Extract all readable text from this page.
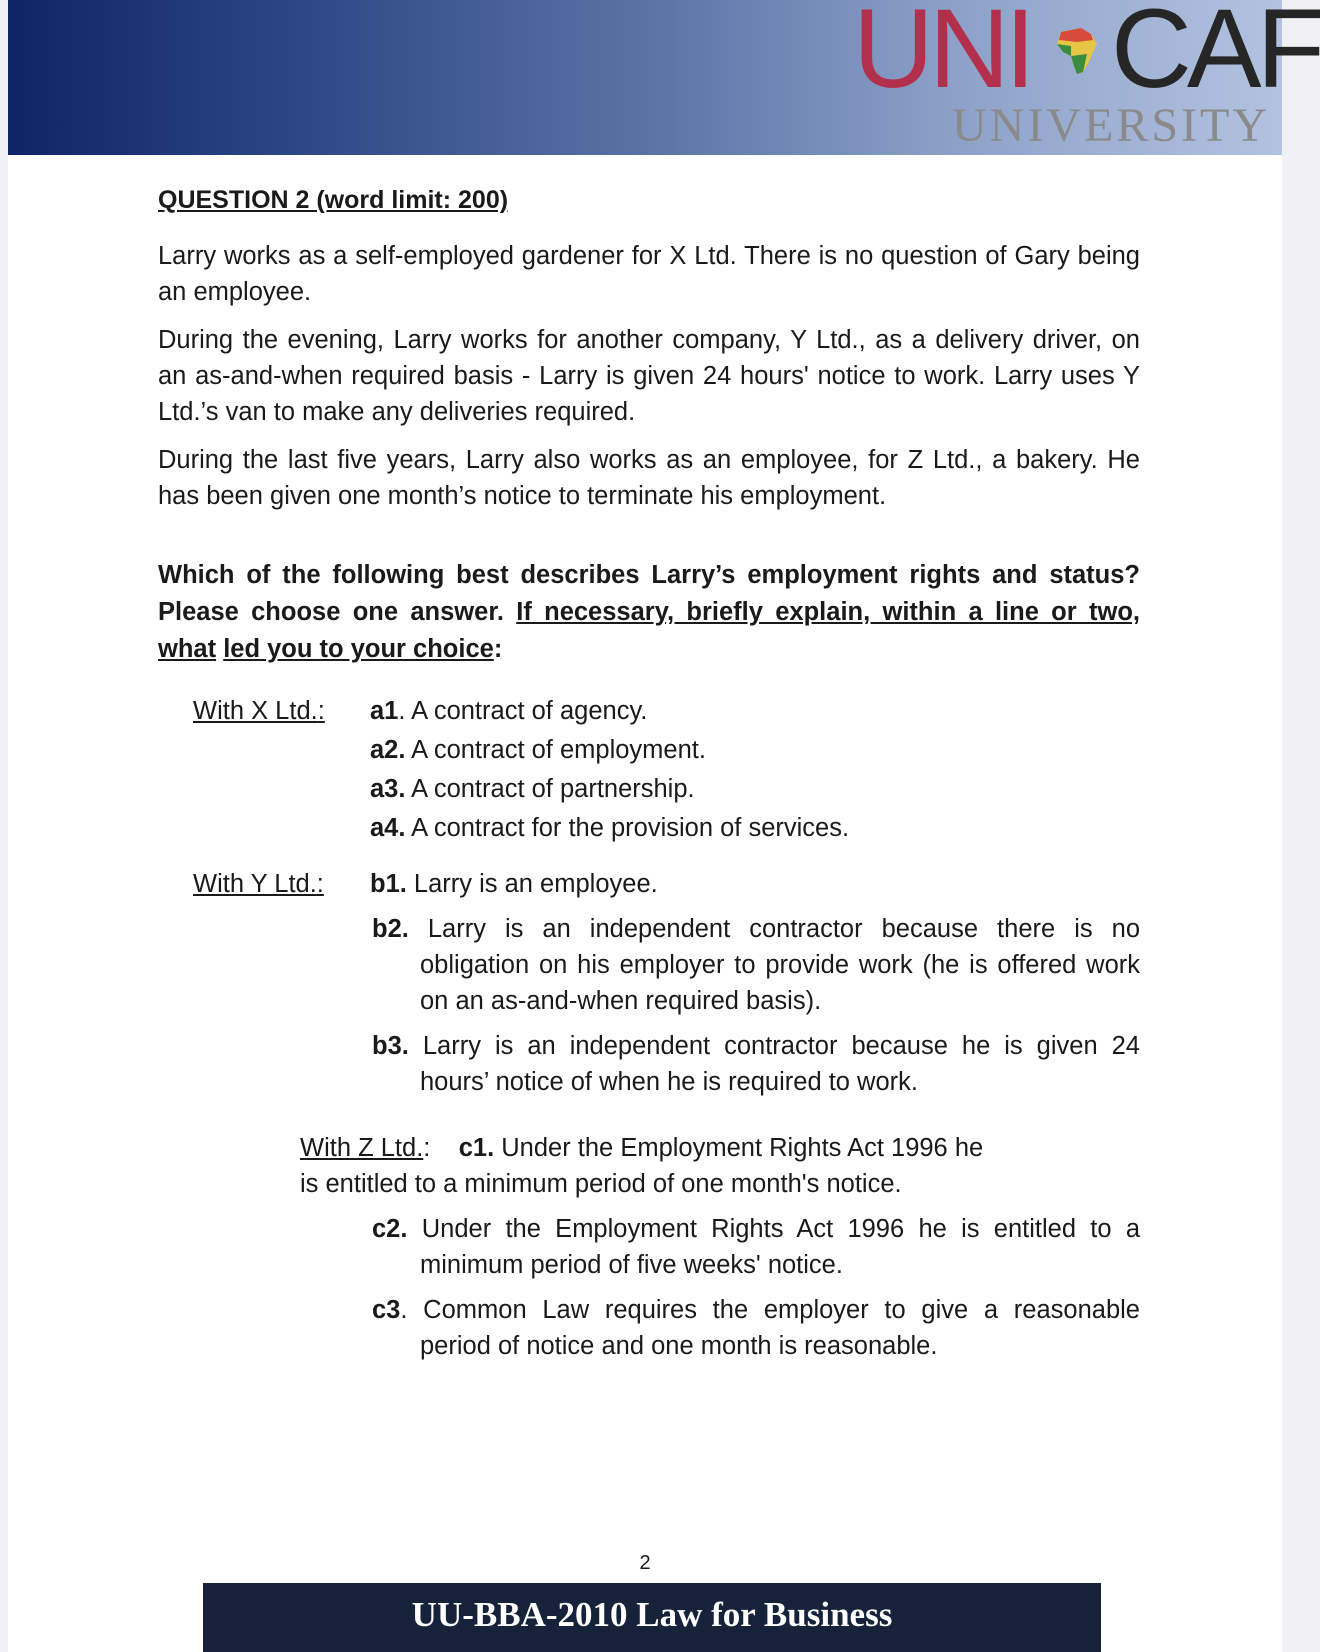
UNI CAF
UNIVERSITY
QUESTION 2 (word limit: 200)

Larry works as a self-employed gardener for X Ltd. There is no question of Gary being an employee.

During the evening, Larry works for another company, Y Ltd., as a delivery driver, on an as-and-when required basis - Larry is given 24 hours' notice to work. Larry uses Y Ltd.’s van to make any deliveries required.

During the last five years, Larry also works as an employee, for Z Ltd., a bakery. He has been given one month’s notice to terminate his employment.

Which of the following best describes Larry’s employment rights and status? Please choose one answer. If necessary, briefly explain, within a line or two, what led you to your choice:

With X Ltd.: a1. A contract of agency.
a2. A contract of employment.
a3. A contract of partnership.
a4. A contract for the provision of services.
With Y Ltd.: b1. Larry is an employee.
b2. Larry is an independent contractor because there is no obligation on his employer to provide work (he is offered work on an as-and-when required basis).
b3. Larry is an independent contractor because he is given 24 hours’ notice of when he is required to work.
With Z Ltd.: c1. Under the Employment Rights Act 1996 he is entitled to a minimum period of one month's notice.
c2. Under the Employment Rights Act 1996 he is entitled to a minimum period of five weeks' notice.
c3. Common Law requires the employer to give a reasonable period of notice and one month is reasonable.
2
UU-BBA-2010 Law for Business
